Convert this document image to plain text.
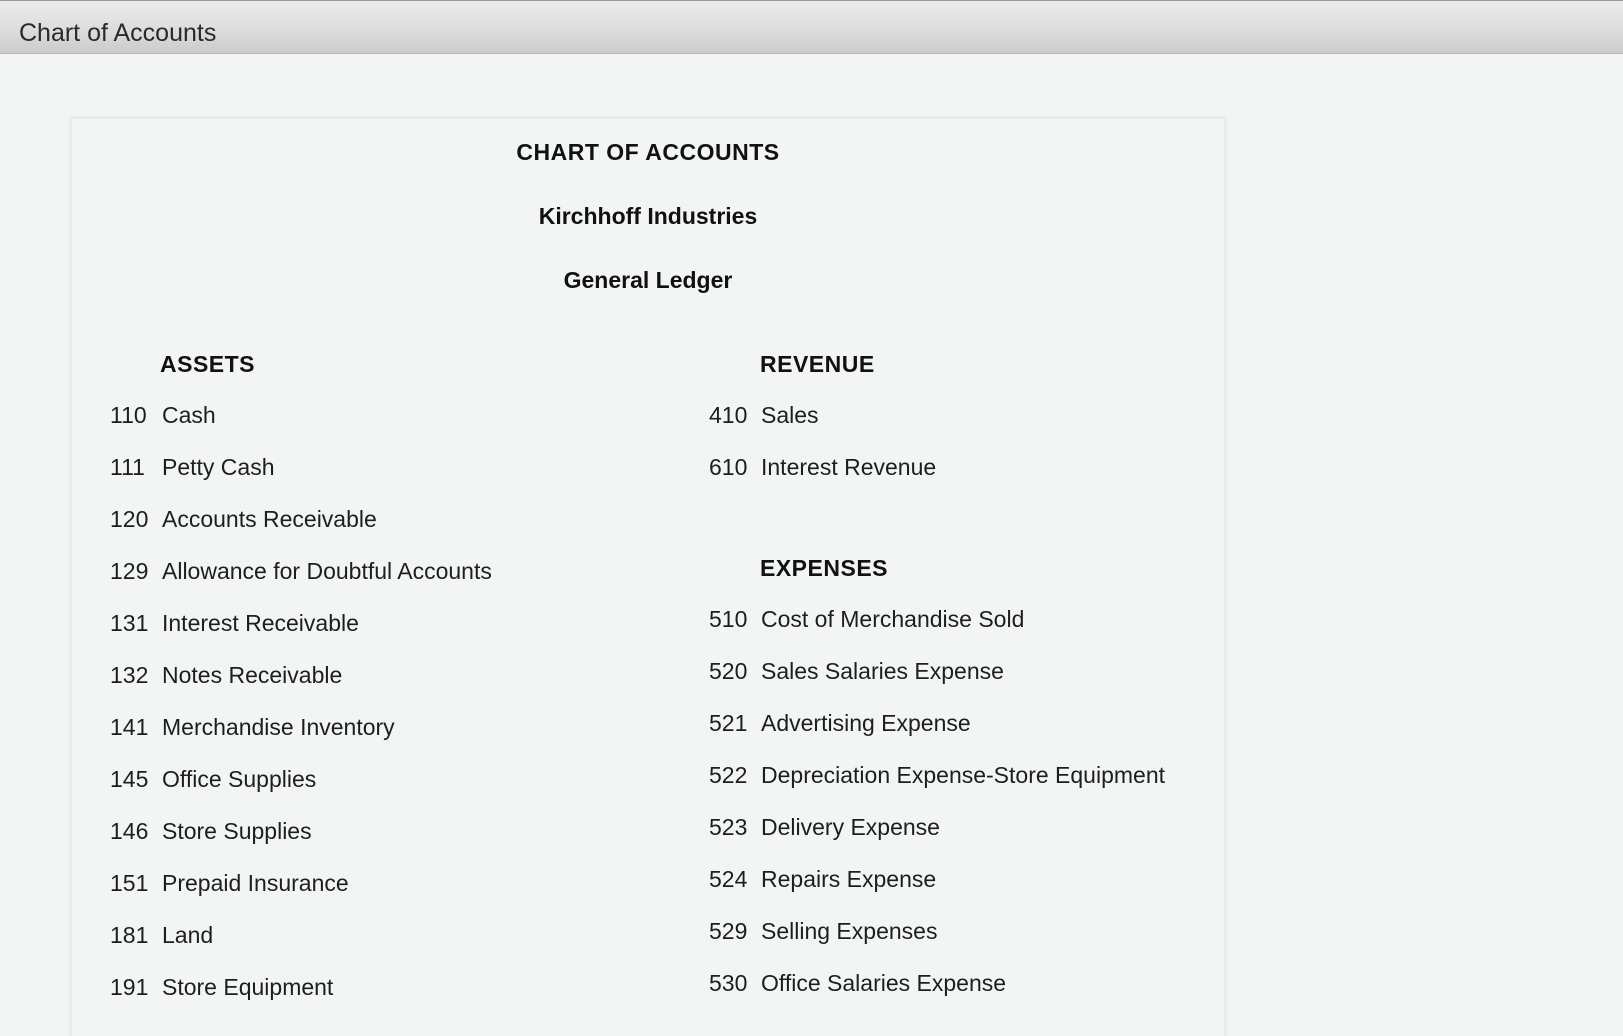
Chart of Accounts
CHART OF ACCOUNTS
Kirchhoff Industries
General Ledger
ASSETS
110 Cash
111 Petty Cash
120 Accounts Receivable
129 Allowance for Doubtful Accounts
131 Interest Receivable
132 Notes Receivable
141 Merchandise Inventory
145 Office Supplies
146 Store Supplies
151 Prepaid Insurance
181 Land
191 Store Equipment
REVENUE
410 Sales
610 Interest Revenue
EXPENSES
510 Cost of Merchandise Sold
520 Sales Salaries Expense
521 Advertising Expense
522 Depreciation Expense-Store Equipment
523 Delivery Expense
524 Repairs Expense
529 Selling Expenses
530 Office Salaries Expense
